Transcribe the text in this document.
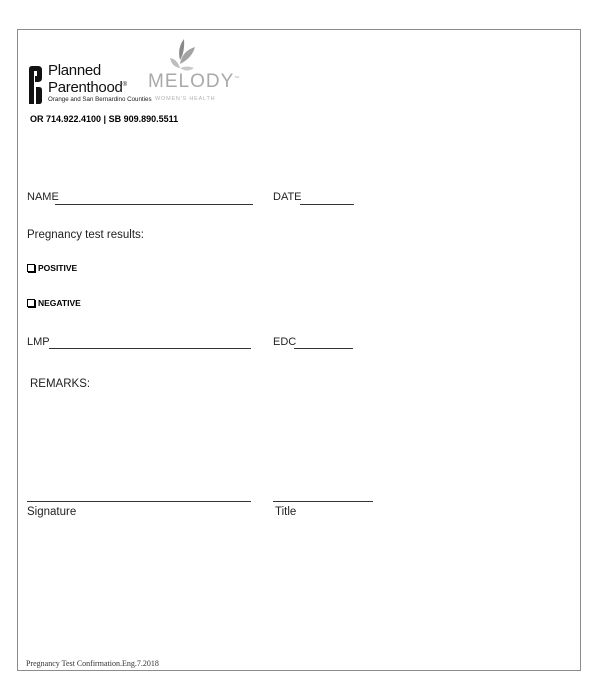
Planned
Parenthood®
Orange and San Bernardino Counties
MELODY™
WOMEN'S HEALTH
OR 714.922.4100 | SB 909.890.5511
NAME	DATE
Pregnancy test results:
POSITIVE
NEGATIVE
LMP	EDC
REMARKS:
Signature	Title
Pregnancy Test Confirmation.Eng.7.2018
